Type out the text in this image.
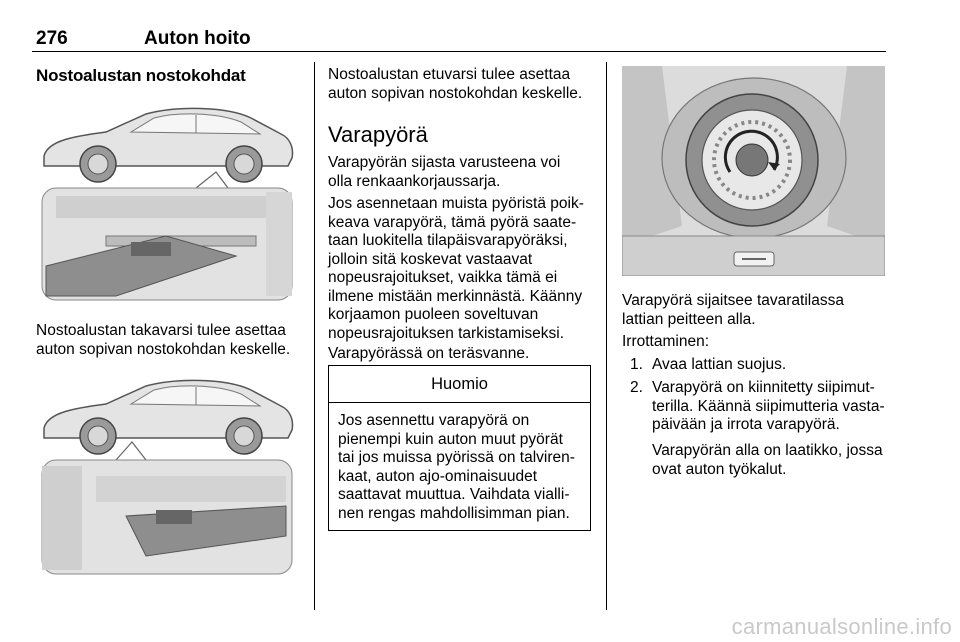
276	Auton hoito
Nostoalustan nostokohdat
Nostoalustan takavarsi tulee asettaa
auton sopivan nostokohdan keskelle.
Nostoalustan etuvarsi tulee asettaa
auton sopivan nostokohdan keskelle.
Varapyörä
Varapyörän sijasta varusteena voi
olla renkaankorjaussarja.
Jos asennetaan muista pyöristä poik-
keava varapyörä, tämä pyörä saate-
taan luokitella tilapäisvarapyöräksi,
jolloin sitä koskevat vastaavat
nopeusrajoitukset, vaikka tämä ei
ilmene mistään merkinnästä. Käänny
korjaamon puoleen soveltuvan
nopeusrajoituksen tarkistamiseksi.
Varapyörässä on teräsvanne.
Huomio
Jos asennettu varapyörä on
pienempi kuin auton muut pyörät
tai jos muissa pyörissä on talviren-
kaat, auton ajo-ominaisuudet
saattavat muuttua. Vaihdata vialli-
nen rengas mahdollisimman pian.
Varapyörä sijaitsee tavaratilassa
lattian peitteen alla.
Irrottaminen:
1. Avaa lattian suojus.
2. Varapyörä on kiinnitetty siipimut-
terilla. Käännä siipimutteria vasta-
päivään ja irrota varapyörä.
Varapyörän alla on laatikko, jossa
ovat auton työkalut.
carmanualsonline.info
